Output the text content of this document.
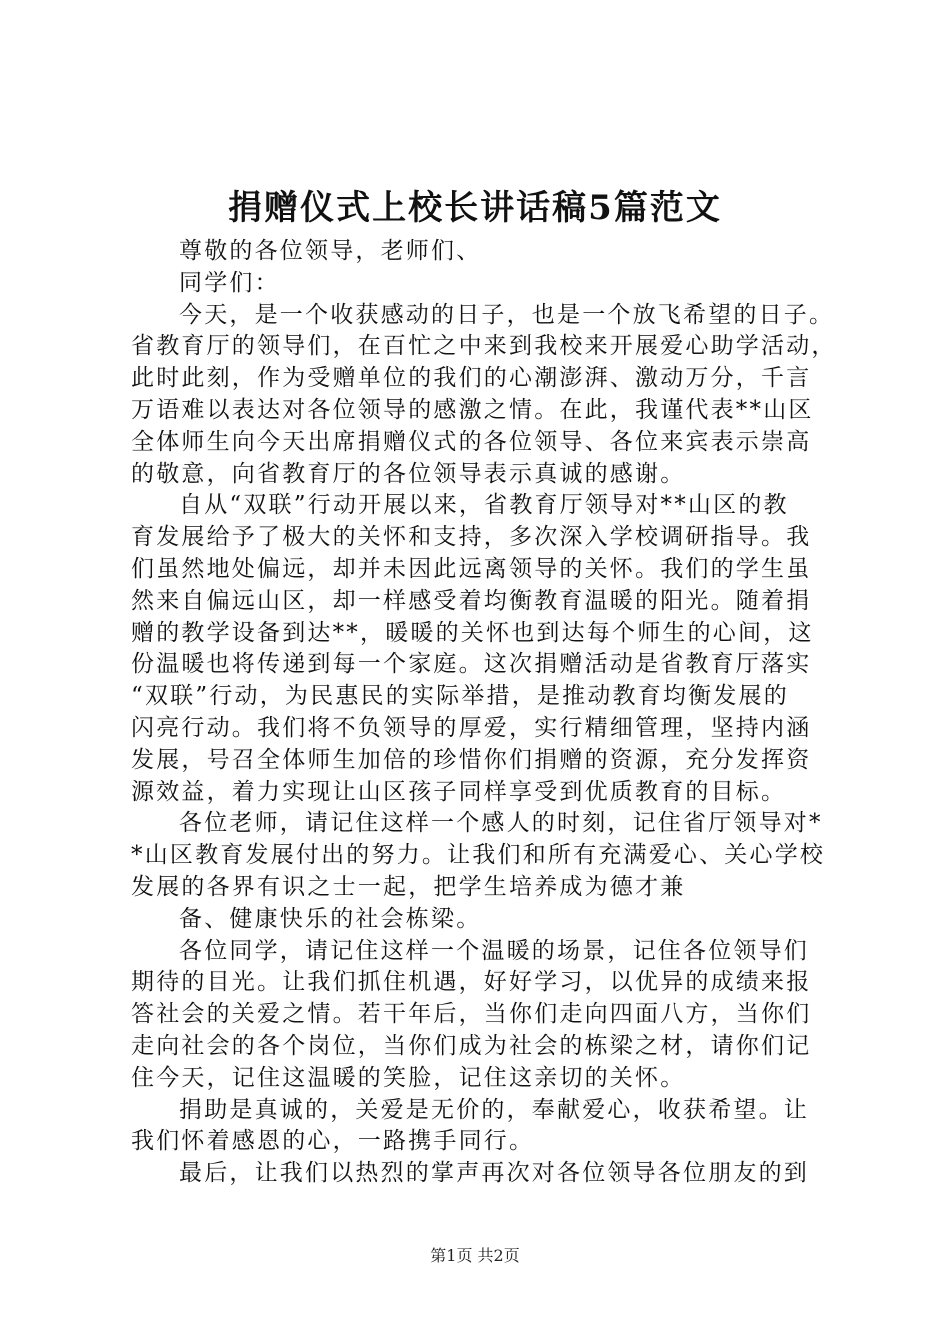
捐赠仪式上校长讲话稿5篇范文
尊敬的各位领导，老师们、
同学们：
今天，是一个收获感动的日子，也是一个放飞希望的日子。
省教育厅的领导们，在百忙之中来到我校来开展爱心助学活动，
此时此刻，作为受赠单位的我们的心潮澎湃、激动万分，千言
万语难以表达对各位领导的感激之情。在此，我谨代表**山区
全体师生向今天出席捐赠仪式的各位领导、各位来宾表示崇高
的敬意，向省教育厅的各位领导表示真诚的感谢。
自从“双联”行动开展以来，省教育厅领导对**山区的教
育发展给予了极大的关怀和支持，多次深入学校调研指导。我
们虽然地处偏远，却并未因此远离领导的关怀。我们的学生虽
然来自偏远山区，却一样感受着均衡教育温暖的阳光。随着捐
赠的教学设备到达**，暖暖的关怀也到达每个师生的心间，这
份温暖也将传递到每一个家庭。这次捐赠活动是省教育厅落实
“双联”行动，为民惠民的实际举措，是推动教育均衡发展的
闪亮行动。我们将不负领导的厚爱，实行精细管理，坚持内涵
发展，号召全体师生加倍的珍惜你们捐赠的资源，充分发挥资
源效益，着力实现让山区孩子同样享受到优质教育的目标。
各位老师，请记住这样一个感人的时刻，记住省厅领导对*
*山区教育发展付出的努力。让我们和所有充满爱心、关心学校
发展的各界有识之士一起，把学生培养成为德才兼
备、健康快乐的社会栋梁。
各位同学，请记住这样一个温暖的场景，记住各位领导们
期待的目光。让我们抓住机遇，好好学习，以优异的成绩来报
答社会的关爱之情。若干年后，当你们走向四面八方，当你们
走向社会的各个岗位，当你们成为社会的栋梁之材，请你们记
住今天，记住这温暖的笑脸，记住这亲切的关怀。
捐助是真诚的，关爱是无价的，奉献爱心，收获希望。让
我们怀着感恩的心，一路携手同行。
最后，让我们以热烈的掌声再次对各位领导各位朋友的到
第1页 共2页
